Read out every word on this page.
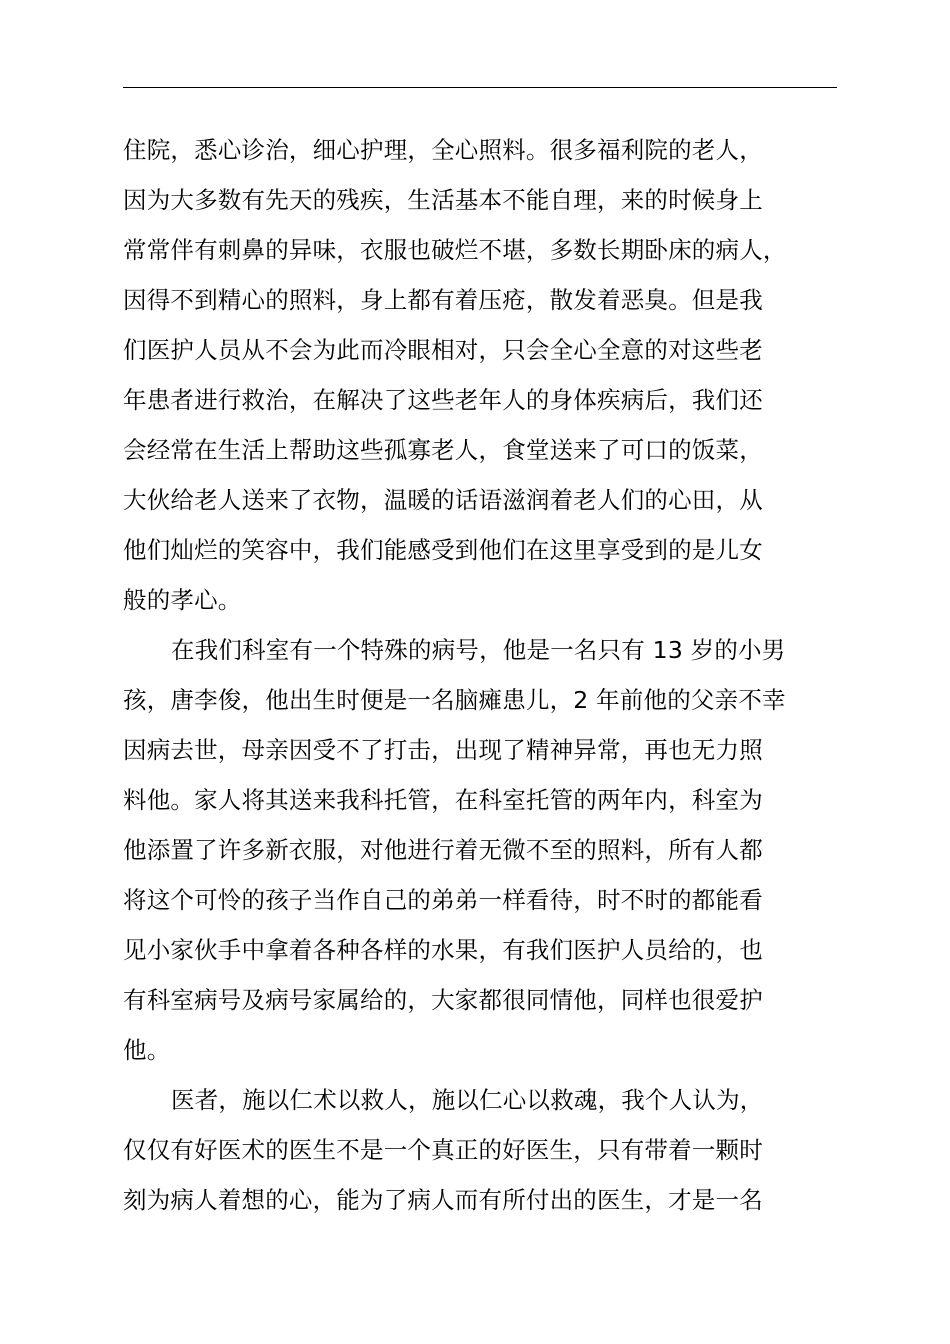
住院，悉心诊治，细心护理，全心照料。很多福利院的老人，
因为大多数有先天的残疾，生活基本不能自理，来的时候身上
常常伴有刺鼻的异味，衣服也破烂不堪，多数长期卧床的病人，
因得不到精心的照料，身上都有着压疮，散发着恶臭。但是我
们医护人员从不会为此而冷眼相对，只会全心全意的对这些老
年患者进行救治，在解决了这些老年人的身体疾病后，我们还
会经常在生活上帮助这些孤寡老人，食堂送来了可口的饭菜，
大伙给老人送来了衣物，温暖的话语滋润着老人们的心田，从
他们灿烂的笑容中，我们能感受到他们在这里享受到的是儿女
般的孝心。
在我们科室有一个特殊的病号，他是一名只有 13 岁的小男
孩，唐李俊，他出生时便是一名脑瘫患儿，2 年前他的父亲不幸
因病去世，母亲因受不了打击，出现了精神异常，再也无力照
料他。家人将其送来我科托管，在科室托管的两年内，科室为
他添置了许多新衣服，对他进行着无微不至的照料，所有人都
将这个可怜的孩子当作自己的弟弟一样看待，时不时的都能看
见小家伙手中拿着各种各样的水果，有我们医护人员给的，也
有科室病号及病号家属给的，大家都很同情他，同样也很爱护
他。
医者，施以仁术以救人，施以仁心以救魂，我个人认为，
仅仅有好医术的医生不是一个真正的好医生，只有带着一颗时
刻为病人着想的心，能为了病人而有所付出的医生，才是一名
